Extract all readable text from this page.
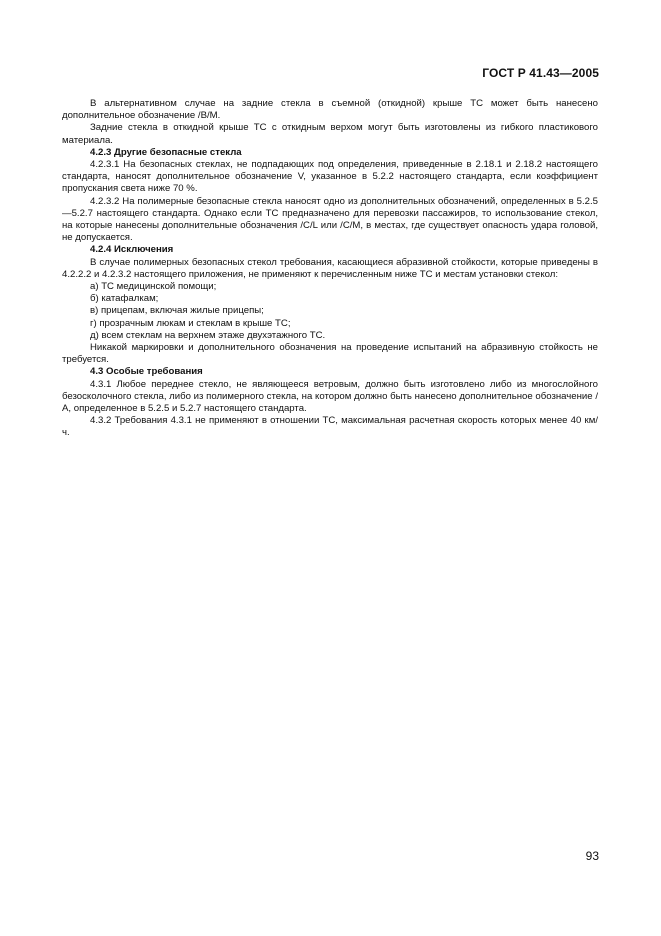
ГОСТ Р 41.43—2005

В альтернативном случае на задние стекла в съемной (откидной) крыше ТС может быть нанесено дополнительное обозначение /В/М.

Задние стекла в откидной крыше ТС с откидным верхом могут быть изготовлены из гибкого пластикового материала.

4.2.3 Другие безопасные стекла

4.2.3.1 На безопасных стеклах, не подпадающих под определения, приведенные в 2.18.1 и 2.18.2 настоящего стандарта, наносят дополнительное обозначение V, указанное в 5.2.2 настоящего стандарта, если коэффициент пропускания света ниже 70 %.

4.2.3.2 На полимерные безопасные стекла наносят одно из дополнительных обозначений, определенных в 5.2.5—5.2.7 настоящего стандарта. Однако если ТС предназначено для перевозки пассажиров, то использование стекол, на которые нанесены дополнительные обозначения /С/L или /С/М, в местах, где существует опасность удара головой, не допускается.

4.2.4 Исключения

В случае полимерных безопасных стекол требования, касающиеся абразивной стойкости, которые приведены в 4.2.2.2 и 4.2.3.2 настоящего приложения, не применяют к перечисленным ниже ТС и местам установки стекол:

а) ТС медицинской помощи;

б) катафалкам;

в) прицепам, включая жилые прицепы;

г) прозрачным люкам и стеклам в крыше ТС;

д) всем стеклам на верхнем этаже двухэтажного ТС.

Никакой маркировки и дополнительного обозначения на проведение испытаний на абразивную стойкость не требуется.

4.3 Особые требования

4.3.1 Любое переднее стекло, не являющееся ветровым, должно быть изготовлено либо из многослойного безосколочного стекла, либо из полимерного стекла, на котором должно быть нанесено дополнительное обозначение /А, определенное в 5.2.5 и 5.2.7 настоящего стандарта.

4.3.2 Требования 4.3.1 не применяют в отношении ТС, максимальная расчетная скорость которых менее 40 км/ч.

93
